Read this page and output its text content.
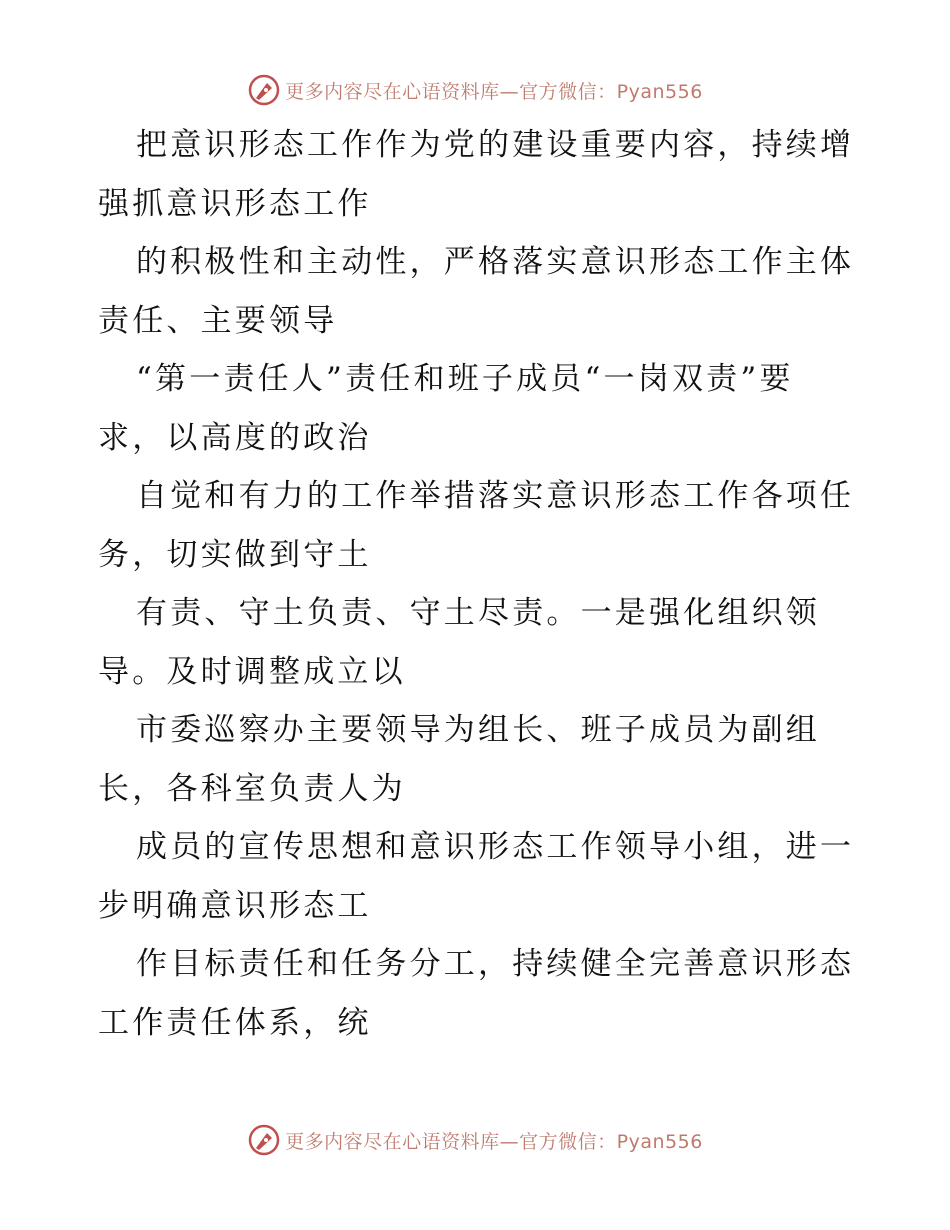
更多内容尽在心语资料库—官方微信：Pyan556

把意识形态工作作为党的建设重要内容，持续增
强抓意识形态工作

的积极性和主动性，严格落实意识形态工作主体
责任、主要领导

“第一责任人”责任和班子成员“一岗双责”要
求，以高度的政治

自觉和有力的工作举措落实意识形态工作各项任
务，切实做到守土

有责、守土负责、守土尽责。一是强化组织领
导。及时调整成立以

市委巡察办主要领导为组长、班子成员为副组
长，各科室负责人为

成员的宣传思想和意识形态工作领导小组，进一
步明确意识形态工

作目标责任和任务分工，持续健全完善意识形态
工作责任体系，统

更多内容尽在心语资料库—官方微信：Pyan556
